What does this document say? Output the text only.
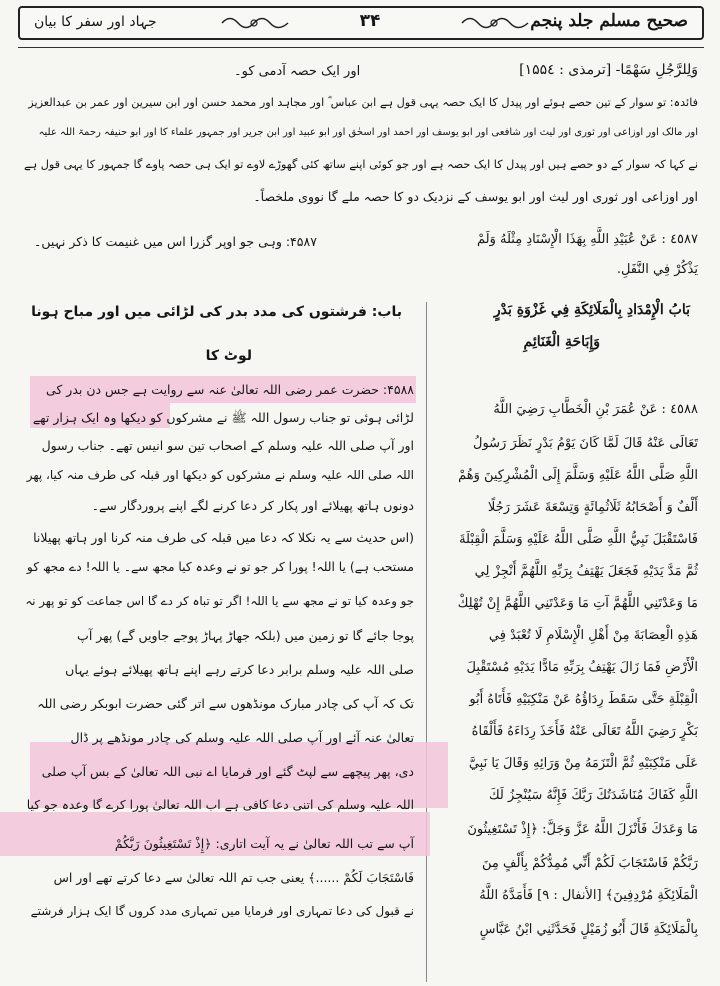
صحیح مسلم جلد پنجم
۳۴
جہاد اور سفر کا بیان
وَلِلرَّجُلِ سَهْمًا- [ترمذی : ۱۵۵٤]
اور ایک حصہ آدمی کو۔
فائدہ: تو سوار کے تین حصے ہوئے اور پیدل کا ایک حصہ یہی قول ہے ابن عباس ؓ اور مجاہد اور محمد حسن اور ابن سیرین اور عمر بن عبدالعزیز
اور مالک اور اوزاعی اور ثوری اور لیث اور شافعی اور ابو یوسف اور احمد اور اسحٰق اور ابو عبید اور ابن جریر اور جمہور علماء کا اور ابو حنیفہ رحمۃ اللہ علیہ
نے کہا کہ سوار کے دو حصے ہیں اور پیدل کا ایک حصہ ہے اور جو کوئی اپنے ساتھ کئی گھوڑے لاوے تو ایک ہی حصہ پاوے گا جمہور کا یہی قول ہے
اور اوزاعی اور ثوری اور لیث اور ابو یوسف کے نزدیک دو کا حصہ ملے گا نووی ملخصاً۔
٤٥٨٧ : عَنْ عُبَيْدِ اللَّهِ بِهَذَا الْإِسْنَادِ مِثْلَهُ وَلَمْ
يَذْكُرْ فِي النَّفَلِ.
۴۵۸۷: وہی جو اوپر گزرا اس میں غنیمت کا ذکر نہیں۔
بَابُ الْإِمْدَادِ بِالْمَلَائِكَةِ فِي غَزْوَةِ بَدْرٍ
وَإِبَاحَةِ الْغَنَائِمِ
باب: فرشتوں کی مدد بدر کی لڑائی میں اور مباح ہونا
لوٹ کا
٤٥٨٨ : عَنْ عُمَرَ بْنِ الْخَطَّابِ رَضِيَ اللَّهُ
تَعَالَى عَنْهُ قَالَ لَمَّا كَانَ يَوْمُ بَدْرٍ نَظَرَ رَسُولُ
اللَّهِ صَلَّى اللَّهُ عَلَيْهِ وَسَلَّمَ إِلَى الْمُشْرِكِينَ وَهُمْ
أَلْفٌ وَ أَصْحَابُهُ ثَلَاثُمِائَةٍ وَتِسْعَةَ عَشَرَ رَجُلًا
فَاسْتَقْبَلَ نَبِيُّ اللَّهِ صَلَّى اللَّهُ عَلَيْهِ وَسَلَّمَ الْقِبْلَةَ
ثُمَّ مَدَّ يَدَيْهِ فَجَعَلَ يَهْتِفُ بِرَبِّهِ اللَّهُمَّ أَنْجِزْ لِي
مَا وَعَدْتَنِي اللَّهُمَّ آتِ مَا وَعَدْتَنِي اللَّهُمَّ إِنْ تُهْلِكْ
هَذِهِ الْعِصَابَةَ مِنْ أَهْلِ الْإِسْلَامِ لَا تُعْبَدْ فِي
الْأَرْضِ فَمَا زَالَ يَهْتِفُ بِرَبِّهِ مَادًّا يَدَيْهِ مُسْتَقْبِلَ
الْقِبْلَةِ حَتَّى سَقَطَ رِدَاؤُهُ عَنْ مَنْكِبَيْهِ فَأَتَاهُ أَبُو
بَكْرٍ رَضِيَ اللَّهُ تَعَالَى عَنْهُ فَأَخَذَ رِدَاءَهُ فَأَلْقَاهُ
عَلَى مَنْكِبَيْهِ ثُمَّ الْتَزَمَهُ مِنْ وَرَائِهِ وَقَالَ يَا نَبِيَّ
اللَّهِ كَفَاكَ مُنَاشَدَتُكَ رَبَّكَ فَإِنَّهُ سَيُنْجِزُ لَكَ
مَا وَعَدَكَ فَأَنْزَلَ اللَّهُ عَزَّ وَجَلَّ: ﴿إِذْ تَسْتَغِيثُونَ
رَبَّكُمْ فَاسْتَجَابَ لَكُمْ أَنِّي مُمِدُّكُمْ بِأَلْفٍ مِنَ
الْمَلَائِكَةِ مُرْدِفِينَ﴾ [الأنفال : ٩] فَأَمَدَّهُ اللَّهُ
بِالْمَلَائِكَةِ قَالَ أَبُو زُمَيْلٍ فَحَدَّثَنِي ابْنُ عَبَّاسٍ
۴۵۸۸: حضرت عمر رضی اللہ تعالیٰ عنہ سے روایت ہے جس دن بدر کی
لڑائی ہوئی تو جناب رسول اللہ ﷺ نے مشرکوں کو دیکھا وہ ایک ہزار تھے
اور آپ صلی اللہ علیہ وسلم کے اصحاب تین سو انیس تھے۔ جناب رسول
اللہ صلی اللہ علیہ وسلم نے مشرکوں کو دیکھا اور قبلہ کی طرف منہ کیا، پھر
دونوں ہاتھ پھیلائے اور پکار کر دعا کرنے لگے اپنے پروردگار سے۔
(اس حدیث سے یہ نکلا کہ دعا میں قبلہ کی طرف منہ کرنا اور ہاتھ پھیلانا
مستحب ہے) یا اللہ! پورا کر جو تو نے وعدہ کیا مجھ سے۔ یا اللہ! دے مجھ کو
جو وعدہ کیا تو نے مجھ سے یا اللہ! اگر تو تباہ کر دے گا اس جماعت کو تو پھر نہ
پوجا جائے گا تو زمین میں (بلکہ جھاڑ پہاڑ پوجے جاویں گے) پھر آپ
صلی اللہ علیہ وسلم برابر دعا کرتے رہے اپنے ہاتھ پھیلائے ہوئے یہاں
تک کہ آپ کی چادر مبارک مونڈھوں سے اتر گئی حضرت ابوبکر رضی اللہ
تعالیٰ عنہ آئے اور آپ صلی اللہ علیہ وسلم کی چادر مونڈھے پر ڈال
دی، پھر پیچھے سے لپٹ گئے اور فرمایا اے نبی اللہ تعالیٰ کے بس آپ صلی
اللہ علیہ وسلم کی اتنی دعا کافی ہے اب اللہ تعالیٰ پورا کرے گا وعدہ جو کیا
آپ سے تب اللہ تعالیٰ نے یہ آیت اتاری: ﴿إِذْ تَسْتَغِيثُونَ رَبَّكُمْ
فَاسْتَجَابَ لَكُمْ ......﴾ یعنی جب تم اللہ تعالیٰ سے دعا کرتے تھے اور اس
نے قبول کی دعا تمہاری اور فرمایا میں تمہاری مدد کروں گا ایک ہزار فرشتے
